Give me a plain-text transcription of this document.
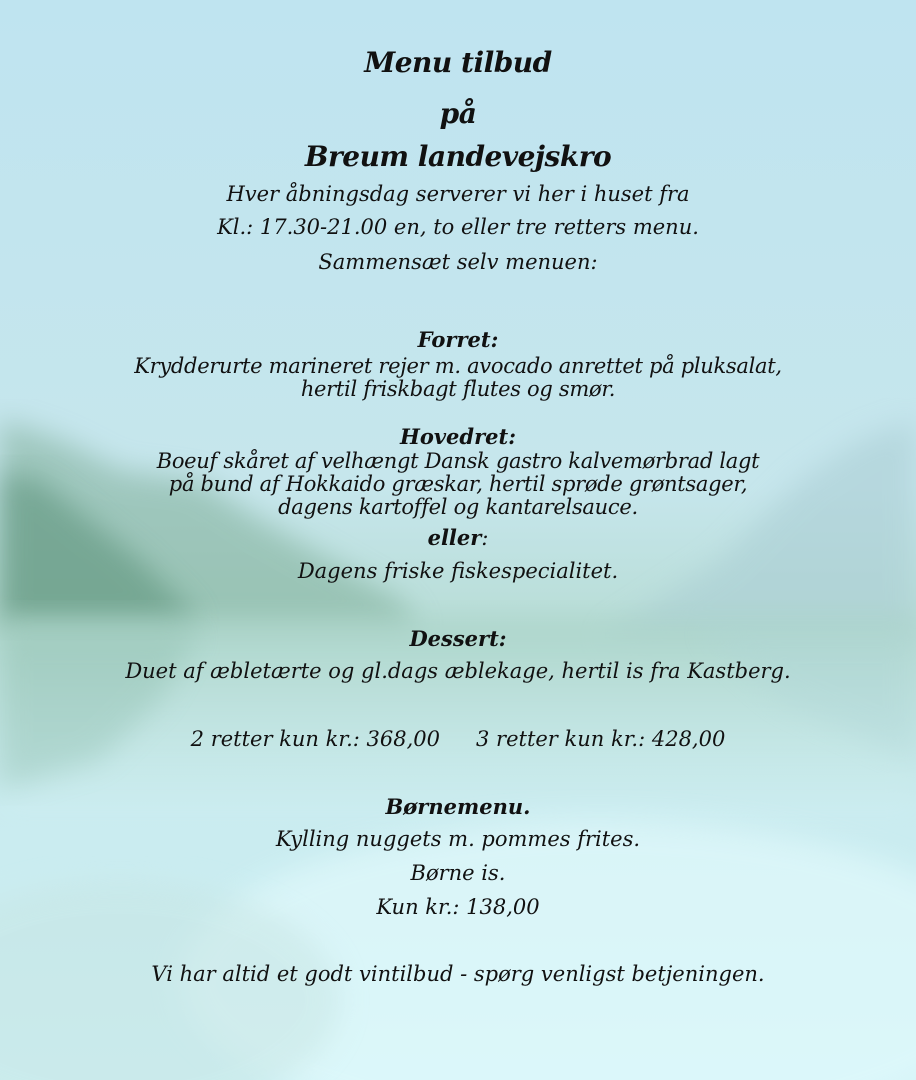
Menu tilbud
på
Breum landevejskro
Hver åbningsdag serverer vi her i huset fra
Kl.: 17.30-21.00 en, to eller tre retters menu.
Sammensæt selv menuen:
Forret:
Krydderurte marineret rejer m. avocado anrettet på pluksalat,
hertil friskbagt flutes og smør.
Hovedret:
Boeuf skåret af velhængt Dansk gastro kalvemørbrad lagt
på bund af Hokkaido græskar, hertil sprøde grøntsager,
dagens kartoffel og kantarelsauce.
eller:
Dagens friske fiskespecialitet.
Dessert:
Duet af æbletærte og gl.dags æblekage, hertil is fra Kastberg.
2 retter kun kr.: 368,00 3 retter kun kr.: 428,00
Børnemenu.
Kylling nuggets m. pommes frites.
Børne is.
Kun kr.: 138,00
Vi har altid et godt vintilbud - spørg venligst betjeningen.
